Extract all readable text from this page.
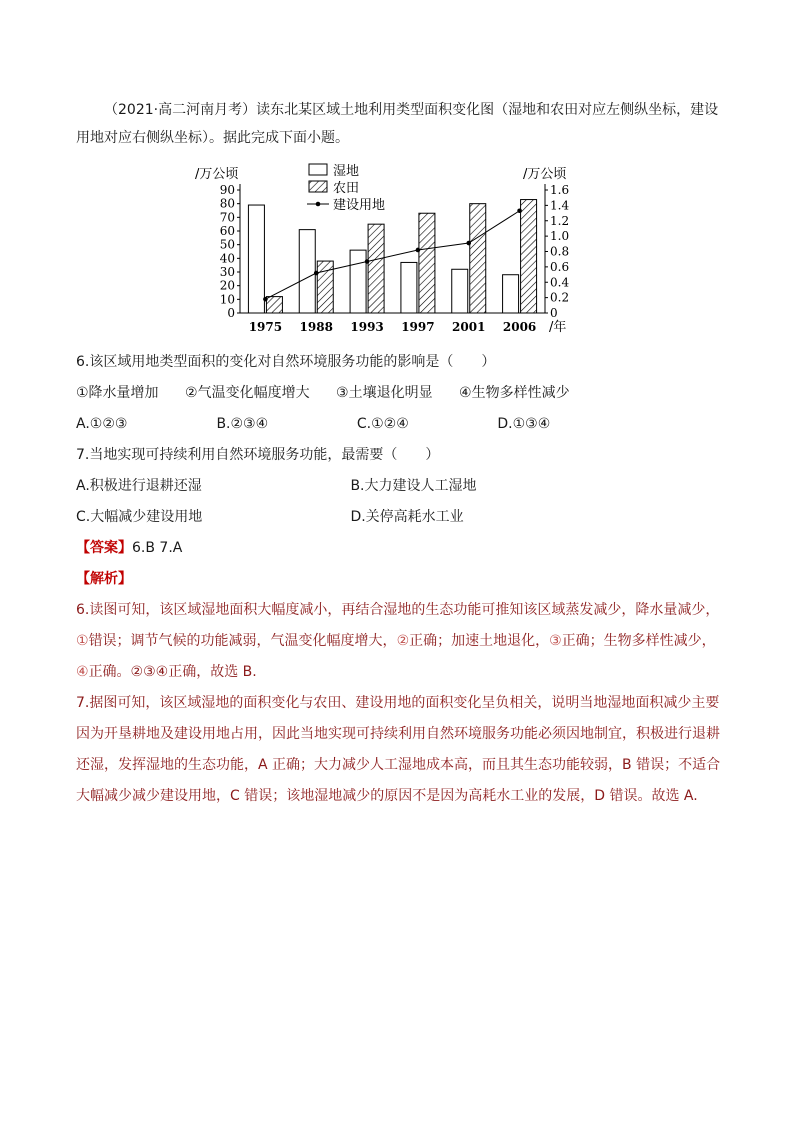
（2021·高二河南月考）读东北某区域土地利用类型面积变化图（湿地和农田对应左侧纵坐标，建设用地对应右侧纵坐标）。据此完成下面小题。

0
10
20
30
40
50
60
70
80
90
0
0.2
0.4
0.6
0.8
1.0
1.2
1.4
1.6
/万公顷	/万公顷
1975 1988 1993 1997 2001 2006 /年
湿地
农田
建设用地

6.该区域用地类型面积的变化对自然环境服务功能的影响是（　　）

①降水量增加 ②气温变化幅度增大 ③土壤退化明显 ④生物多样性减少

A.①②③	B.②③④	C.①②④	D.①③④

7.当地实现可持续利用自然环境服务功能，最需要（　　）

A.积极进行退耕还湿	B.大力建设人工湿地

C.大幅减少建设用地	D.关停高耗水工业

【答案】6.B 7.A

【解析】

6.读图可知，该区域湿地面积大幅度减小，再结合湿地的生态功能可推知该区域蒸发减少，降水量减少，①错误；调节气候的功能减弱，气温变化幅度增大，②正确；加速土地退化，③正确；生物多样性减少，④正确。②③④正确，故选 B.

7.据图可知，该区域湿地的面积变化与农田、建设用地的面积变化呈负相关，说明当地湿地面积减少主要因为开垦耕地及建设用地占用，因此当地实现可持续利用自然环境服务功能必须因地制宜，积极进行退耕还湿，发挥湿地的生态功能，A 正确；大力减少人工湿地成本高，而且其生态功能较弱，B 错误；不适合大幅减少减少建设用地，C 错误；该地湿地减少的原因不是因为高耗水工业的发展，D 错误。故选 A.
